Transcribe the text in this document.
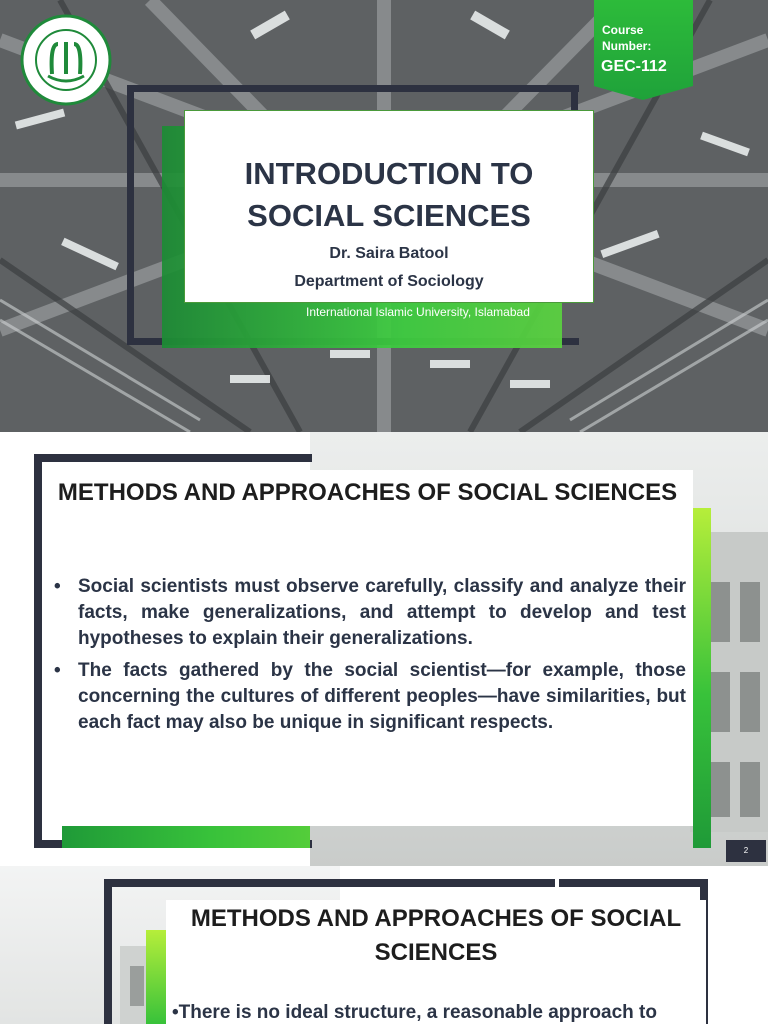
Course Number:
GEC-112
INTRODUCTION TO
SOCIAL SCIENCES
Dr. Saira Batool
Department of Sociology
International Islamic University, Islamabad
METHODS AND APPROACHES OF SOCIAL SCIENCES
• Social scientists must observe carefully, classify and analyze their facts, make generalizations, and attempt to develop and test hypotheses to explain their generalizations.
• The facts gathered by the social scientist—for example, those concerning the cultures of different peoples—have similarities, but each fact may also be unique in significant respects.
2
METHODS AND APPROACHES OF SOCIAL SCIENCES
•There is no ideal structure, a reasonable approach to
